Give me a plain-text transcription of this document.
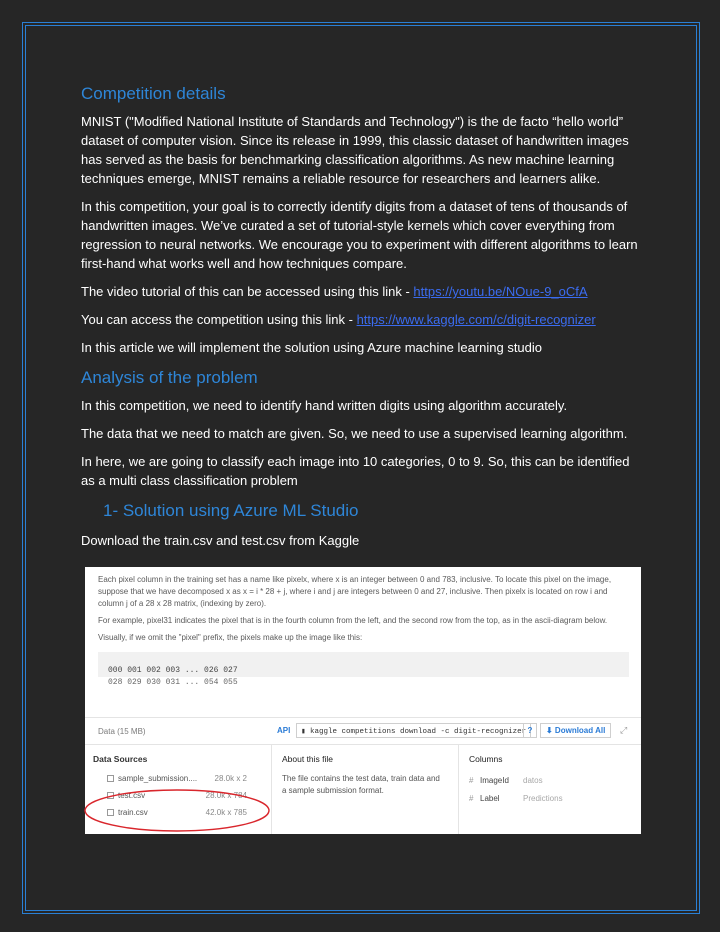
Competition details

MNIST ("Modified National Institute of Standards and Technology") is the de facto “hello world” dataset of computer vision. Since its release in 1999, this classic dataset of handwritten images has served as the basis for benchmarking classification algorithms. As new machine learning techniques emerge, MNIST remains a reliable resource for researchers and learners alike.

In this competition, your goal is to correctly identify digits from a dataset of tens of thousands of handwritten images. We’ve curated a set of tutorial-style kernels which cover everything from regression to neural networks. We encourage you to experiment with different algorithms to learn first-hand what works well and how techniques compare.

The video tutorial of this can be accessed using this link - https://youtu.be/NOue-9_oCfA

You can access the competition using this link - https://www.kaggle.com/c/digit-recognizer

In this article we will implement the solution using Azure machine learning studio

Analysis of the problem

In this competition, we need to identify hand written digits using algorithm accurately.

The data that we need to match are given. So, we need to use a supervised learning algorithm.

In here, we are going to classify each image into 10 categories, 0 to 9. So, this can be identified as a multi class classification problem

1- Solution using Azure ML Studio

Download the train.csv and test.csv from Kaggle

Each pixel column in the training set has a name like pixelx, where x is an integer between 0 and 783, inclusive. To locate this pixel on the image, suppose that we have decomposed x as x = i * 28 + j, where i and j are integers between 0 and 27, inclusive. Then pixelx is located on row i and column j of a 28 x 28 matrix, (indexing by zero).

For example, pixel31 indicates the pixel that is in the fourth column from the left, and the second row from the top, as in the ascii-diagram below.

Visually, if we omit the "pixel" prefix, the pixels make up the image like this:

000 001 002 003 ... 026 027
028 029 030 031 ... 054 055
Data (15 MB)	API	▮ kaggle competitions download -c digit-recognizer ?	⬇ Download All	⤢
Data Sources
sample_submission.... 28.0k x 2
test.csv	28.0k x 784
train.csv	42.0k x 785
About this file
The file contains the test data, train data and a sample submission format.
Columns
# ImageId datos
# Label	Predictions
